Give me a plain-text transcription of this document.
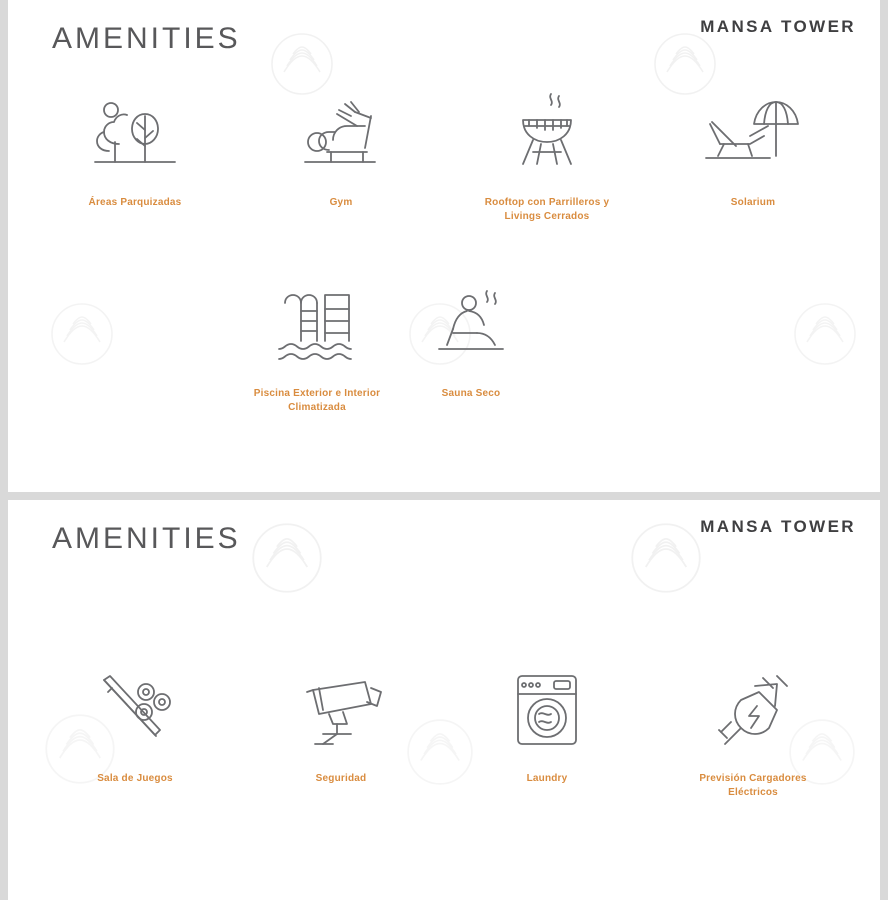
AMENITIES	MANSA TOWER
Áreas Parquizadas	Gym	Rooftop con Parrilleros y Livings Cerrados
Solarium
Piscina Exterior e Interior Climatizada
Sauna Seco
AMENITIES	MANSA TOWER
Sala de Juegos	Seguridad	Laundry	Previsión Cargadores Eléctricos
